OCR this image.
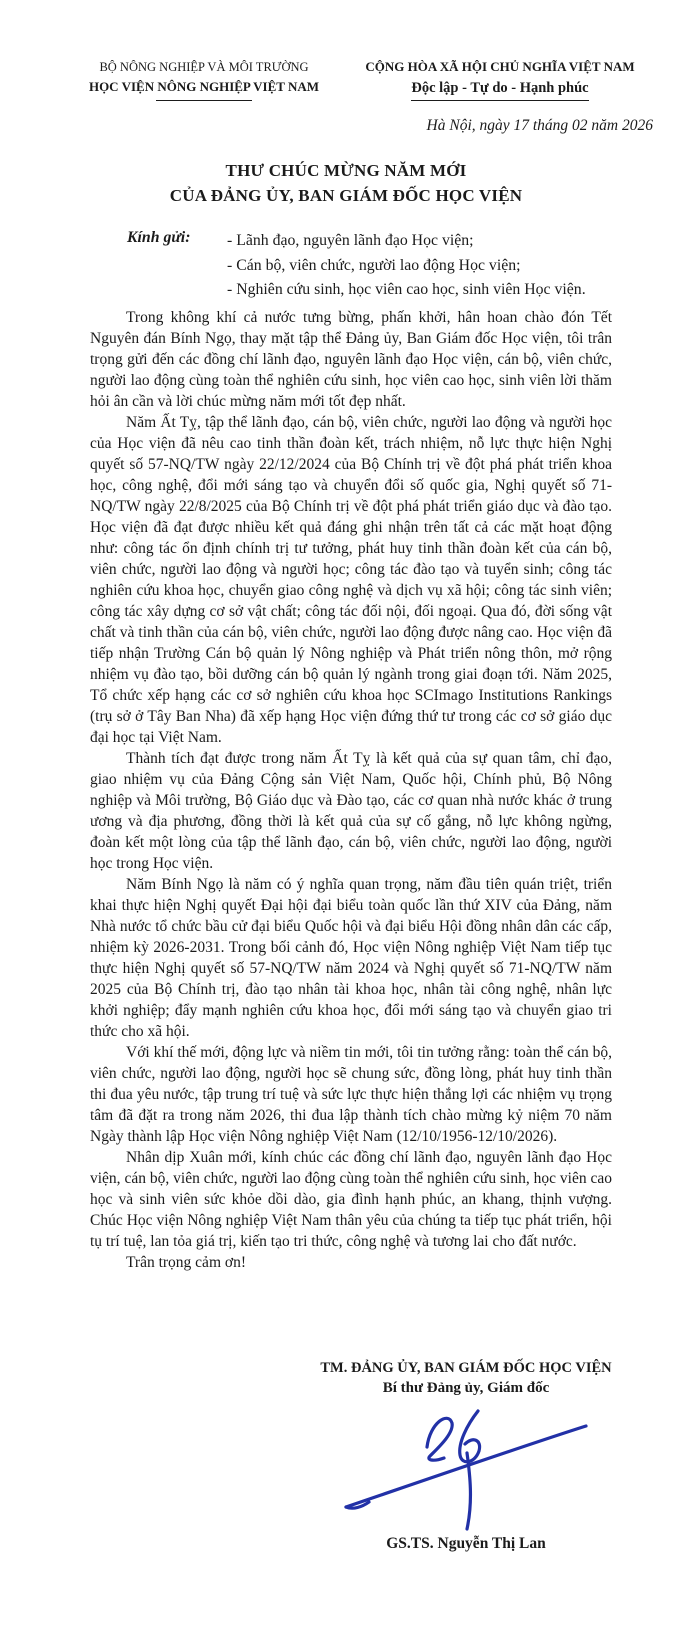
BỘ NÔNG NGHIỆP VÀ MÔI TRƯỜNG
HỌC VIỆN NÔNG NGHIỆP VIỆT NAM
CỘNG HÒA XÃ HỘI CHỦ NGHĨA VIỆT NAM
Độc lập - Tự do - Hạnh phúc
Hà Nội, ngày 17 tháng 02 năm 2026
THƯ CHÚC MỪNG NĂM MỚI
CỦA ĐẢNG ỦY, BAN GIÁM ĐỐC HỌC VIỆN
Kính gửi: - Lãnh đạo, nguyên lãnh đạo Học viện;
- Cán bộ, viên chức, người lao động Học viện;
- Nghiên cứu sinh, học viên cao học, sinh viên Học viện.

Trong không khí cả nước tưng bừng, phấn khởi, hân hoan chào đón Tết Nguyên đán Bính Ngọ, thay mặt tập thể Đảng ủy, Ban Giám đốc Học viện, tôi trân trọng gửi đến các đồng chí lãnh đạo, nguyên lãnh đạo Học viện, cán bộ, viên chức, người lao động cùng toàn thể nghiên cứu sinh, học viên cao học, sinh viên lời thăm hỏi ân cần và lời chúc mừng năm mới tốt đẹp nhất.

Năm Ất Tỵ, tập thể lãnh đạo, cán bộ, viên chức, người lao động và người học của Học viện đã nêu cao tinh thần đoàn kết, trách nhiệm, nỗ lực thực hiện Nghị quyết số 57-NQ/TW ngày 22/12/2024 của Bộ Chính trị về đột phá phát triển khoa học, công nghệ, đổi mới sáng tạo và chuyển đổi số quốc gia, Nghị quyết số 71-NQ/TW ngày 22/8/2025 của Bộ Chính trị về đột phá phát triển giáo dục và đào tạo. Học viện đã đạt được nhiều kết quả đáng ghi nhận trên tất cả các mặt hoạt động như: công tác ổn định chính trị tư tưởng, phát huy tinh thần đoàn kết của cán bộ, viên chức, người lao động và người học; công tác đào tạo và tuyển sinh; công tác nghiên cứu khoa học, chuyển giao công nghệ và dịch vụ xã hội; công tác sinh viên; công tác xây dựng cơ sở vật chất; công tác đối nội, đối ngoại. Qua đó, đời sống vật chất và tinh thần của cán bộ, viên chức, người lao động được nâng cao. Học viện đã tiếp nhận Trường Cán bộ quản lý Nông nghiệp và Phát triển nông thôn, mở rộng nhiệm vụ đào tạo, bồi dưỡng cán bộ quản lý ngành trong giai đoạn tới. Năm 2025, Tổ chức xếp hạng các cơ sở nghiên cứu khoa học SCImago Institutions Rankings (trụ sở ở Tây Ban Nha) đã xếp hạng Học viện đứng thứ tư trong các cơ sở giáo dục đại học tại Việt Nam.

Thành tích đạt được trong năm Ất Tỵ là kết quả của sự quan tâm, chỉ đạo, giao nhiệm vụ của Đảng Cộng sản Việt Nam, Quốc hội, Chính phủ, Bộ Nông nghiệp và Môi trường, Bộ Giáo dục và Đào tạo, các cơ quan nhà nước khác ở trung ương và địa phương, đồng thời là kết quả của sự cố gắng, nỗ lực không ngừng, đoàn kết một lòng của tập thể lãnh đạo, cán bộ, viên chức, người lao động, người học trong Học viện.

Năm Bính Ngọ là năm có ý nghĩa quan trọng, năm đầu tiên quán triệt, triển khai thực hiện Nghị quyết Đại hội đại biểu toàn quốc lần thứ XIV của Đảng, năm Nhà nước tổ chức bầu cử đại biểu Quốc hội và đại biểu Hội đồng nhân dân các cấp, nhiệm kỳ 2026-2031. Trong bối cảnh đó, Học viện Nông nghiệp Việt Nam tiếp tục thực hiện Nghị quyết số 57-NQ/TW năm 2024 và Nghị quyết số 71-NQ/TW năm 2025 của Bộ Chính trị, đào tạo nhân tài khoa học, nhân tài công nghệ, nhân lực khởi nghiệp; đẩy mạnh nghiên cứu khoa học, đổi mới sáng tạo và chuyển giao tri thức cho xã hội.

Với khí thế mới, động lực và niềm tin mới, tôi tin tưởng rằng: toàn thể cán bộ, viên chức, người lao động, người học sẽ chung sức, đồng lòng, phát huy tinh thần thi đua yêu nước, tập trung trí tuệ và sức lực thực hiện thắng lợi các nhiệm vụ trọng tâm đã đặt ra trong năm 2026, thi đua lập thành tích chào mừng kỷ niệm 70 năm Ngày thành lập Học viện Nông nghiệp Việt Nam (12/10/1956-12/10/2026).

Nhân dịp Xuân mới, kính chúc các đồng chí lãnh đạo, nguyên lãnh đạo Học viện, cán bộ, viên chức, người lao động cùng toàn thể nghiên cứu sinh, học viên cao học và sinh viên sức khỏe dồi dào, gia đình hạnh phúc, an khang, thịnh vượng. Chúc Học viện Nông nghiệp Việt Nam thân yêu của chúng ta tiếp tục phát triển, hội tụ trí tuệ, lan tỏa giá trị, kiến tạo tri thức, công nghệ và tương lai cho đất nước.

Trân trọng cảm ơn!

TM. ĐẢNG ỦY, BAN GIÁM ĐỐC HỌC VIỆN
Bí thư Đảng ủy, Giám đốc
GS.TS. Nguyễn Thị Lan
